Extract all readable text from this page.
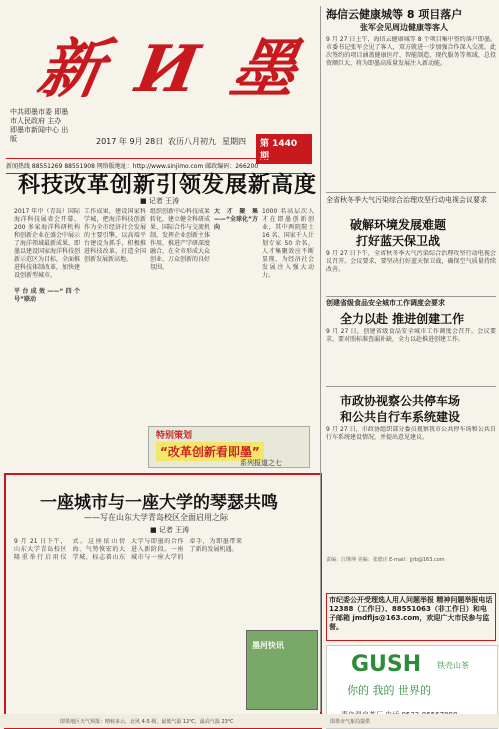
新 И 墨
中共即墨市委 即墨市人民政府 主办 即墨市新闻中心 出版	2017 年 9月 28日 农历八月初九 星期四	第 1440 期
新闻热线 88551269 88551908 网络版地址：http://www.sinjimo.com 邮政编码：266200
科技改革创新引领发展新高度
■ 记者 王涛
2017 年中（青岛）国际海洋科技展省会开幕，200 多家海洋科研机构和创新企业在盛会中展示了海洋领域最新成果。即墨以建设国家海洋科技创新示范区为目标，全面推进科技体制改革，加快建设创新型城市。

平台成效——“四个号”联动
工作成果，建设国家科学城，把海洋科技创新作为全市经济社会发展的主要引擎，以高端平台建设为抓手，积极推进科技改革，打造全国创新发展新高地。
组织创新中心科技成果转化，建立健全科研成果、国际合作与交流机制，发挥企业创新主体作用，推进产学研深度融合，在全市形成大众创业、万众创新的良好氛围。
大才聚集——“全球化”方向
1000 名高层次人才在即墨创新创业，其中两院院士 16 名、国家千人计划专家 50 余名，人才集聚效应不断显现，为经济社会发展注入强大动力。
特别策划
“改革创新看即墨”
系列报道之七
一座城市与一座大学的琴瑟共鸣
——写在山东大学青岛校区全面启用之际
■ 记者 王涛
9 月 21 日下午，山东大学青岛校区隆重举行启用仪式。这座依山傍海、气势恢宏的大学城，标志着山东大学与即墨的合作进入新阶段。一座城市与一座大学的牵手，为即墨带来了新的发展机遇。
墨河快讯
海信云健康城等 8 项目落户
张军会见周边健康等客人
9 月 27 日上午，海信云健康城等 8 个项目集中签约落户即墨。市委书记张军会见了客人，双方就进一步加强合作深入交流。此次签约的项目涵盖健康医疗、智能制造、现代服务等领域，总投资额巨大，将为即墨高质量发展注入新动能。
全省秋冬季大气污染综合治理攻坚行动电视会议要求
破解环境发展难题
打好蓝天保卫战
9 月 27 日下午，全省秋冬季大气污染综合治理攻坚行动电视会议召开。会议要求，要坚决打好蓝天保卫战，确保空气质量持续改善。
创建省级食品安全城市工作调度会要求
全力以赴 推进创建工作
9 月 27 日，创建省级食品安全城市工作调度会召开。会议要求，要对照标准查漏补缺，全力以赴推进创建工作。
市政协视察公共停车场
和公共自行车系统建设
9 月 27 日，市政协组织部分委员视察我市公共停车场和公共自行车系统建设情况，并提出意见建议。
责编：江继坤 美编：张德庆 E-mail：jjrb@163.com
市纪委公开受理选人用人问题举报 精神问题举报电话 12388（工作日）、88551063（非工作日）和电子邮箱 jmdfljs@163.com，欢迎广大市民参与监督。
GUSH 铁壳山茶
你的 我的 世界的
即墨地区天气预报：晴转多云，北风 4-5 级，最低气温 12℃，最高气温 23℃	即墨市气象局提供
